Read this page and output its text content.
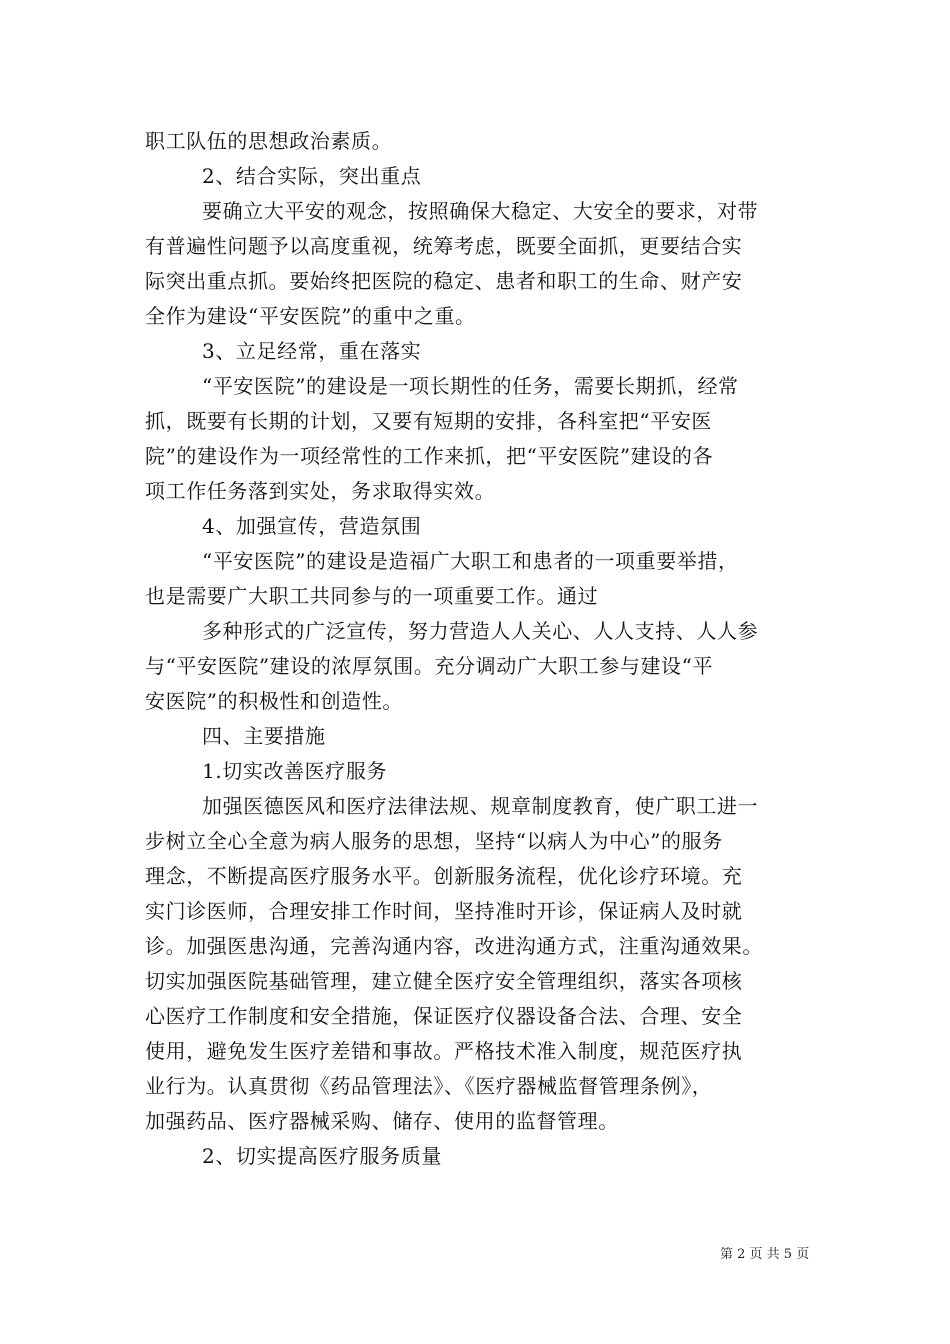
职工队伍的思想政治素质。
2、结合实际，突出重点
要确立大平安的观念，按照确保大稳定、大安全的要求，对带
有普遍性问题予以高度重视，统筹考虑，既要全面抓，更要结合实
际突出重点抓。要始终把医院的稳定、患者和职工的生命、财产安
全作为建设“平安医院”的重中之重。
3、立足经常，重在落实
“平安医院”的建设是一项长期性的任务，需要长期抓，经常
抓，既要有长期的计划，又要有短期的安排，各科室把“平安医
院”的建设作为一项经常性的工作来抓，把“平安医院”建设的各
项工作任务落到实处，务求取得实效。
4、加强宣传，营造氛围
“平安医院”的建设是造福广大职工和患者的一项重要举措，
也是需要广大职工共同参与的一项重要工作。通过
多种形式的广泛宣传，努力营造人人关心、人人支持、人人参
与“平安医院”建设的浓厚氛围。充分调动广大职工参与建设“平
安医院”的积极性和创造性。
四、主要措施
1.切实改善医疗服务
加强医德医风和医疗法律法规、规章制度教育，使广职工进一
步树立全心全意为病人服务的思想，坚持“以病人为中心”的服务
理念，不断提高医疗服务水平。创新服务流程，优化诊疗环境。充
实门诊医师，合理安排工作时间，坚持准时开诊，保证病人及时就
诊。加强医患沟通，完善沟通内容，改进沟通方式，注重沟通效果。
切实加强医院基础管理，建立健全医疗安全管理组织，落实各项核
心医疗工作制度和安全措施，保证医疗仪器设备合法、合理、安全
使用，避免发生医疗差错和事故。严格技术准入制度，规范医疗执
业行为。认真贯彻《药品管理法》、《医疗器械监督管理条例》，
加强药品、医疗器械采购、储存、使用的监督管理。
2、切实提高医疗服务质量
第 2 页 共 5 页
